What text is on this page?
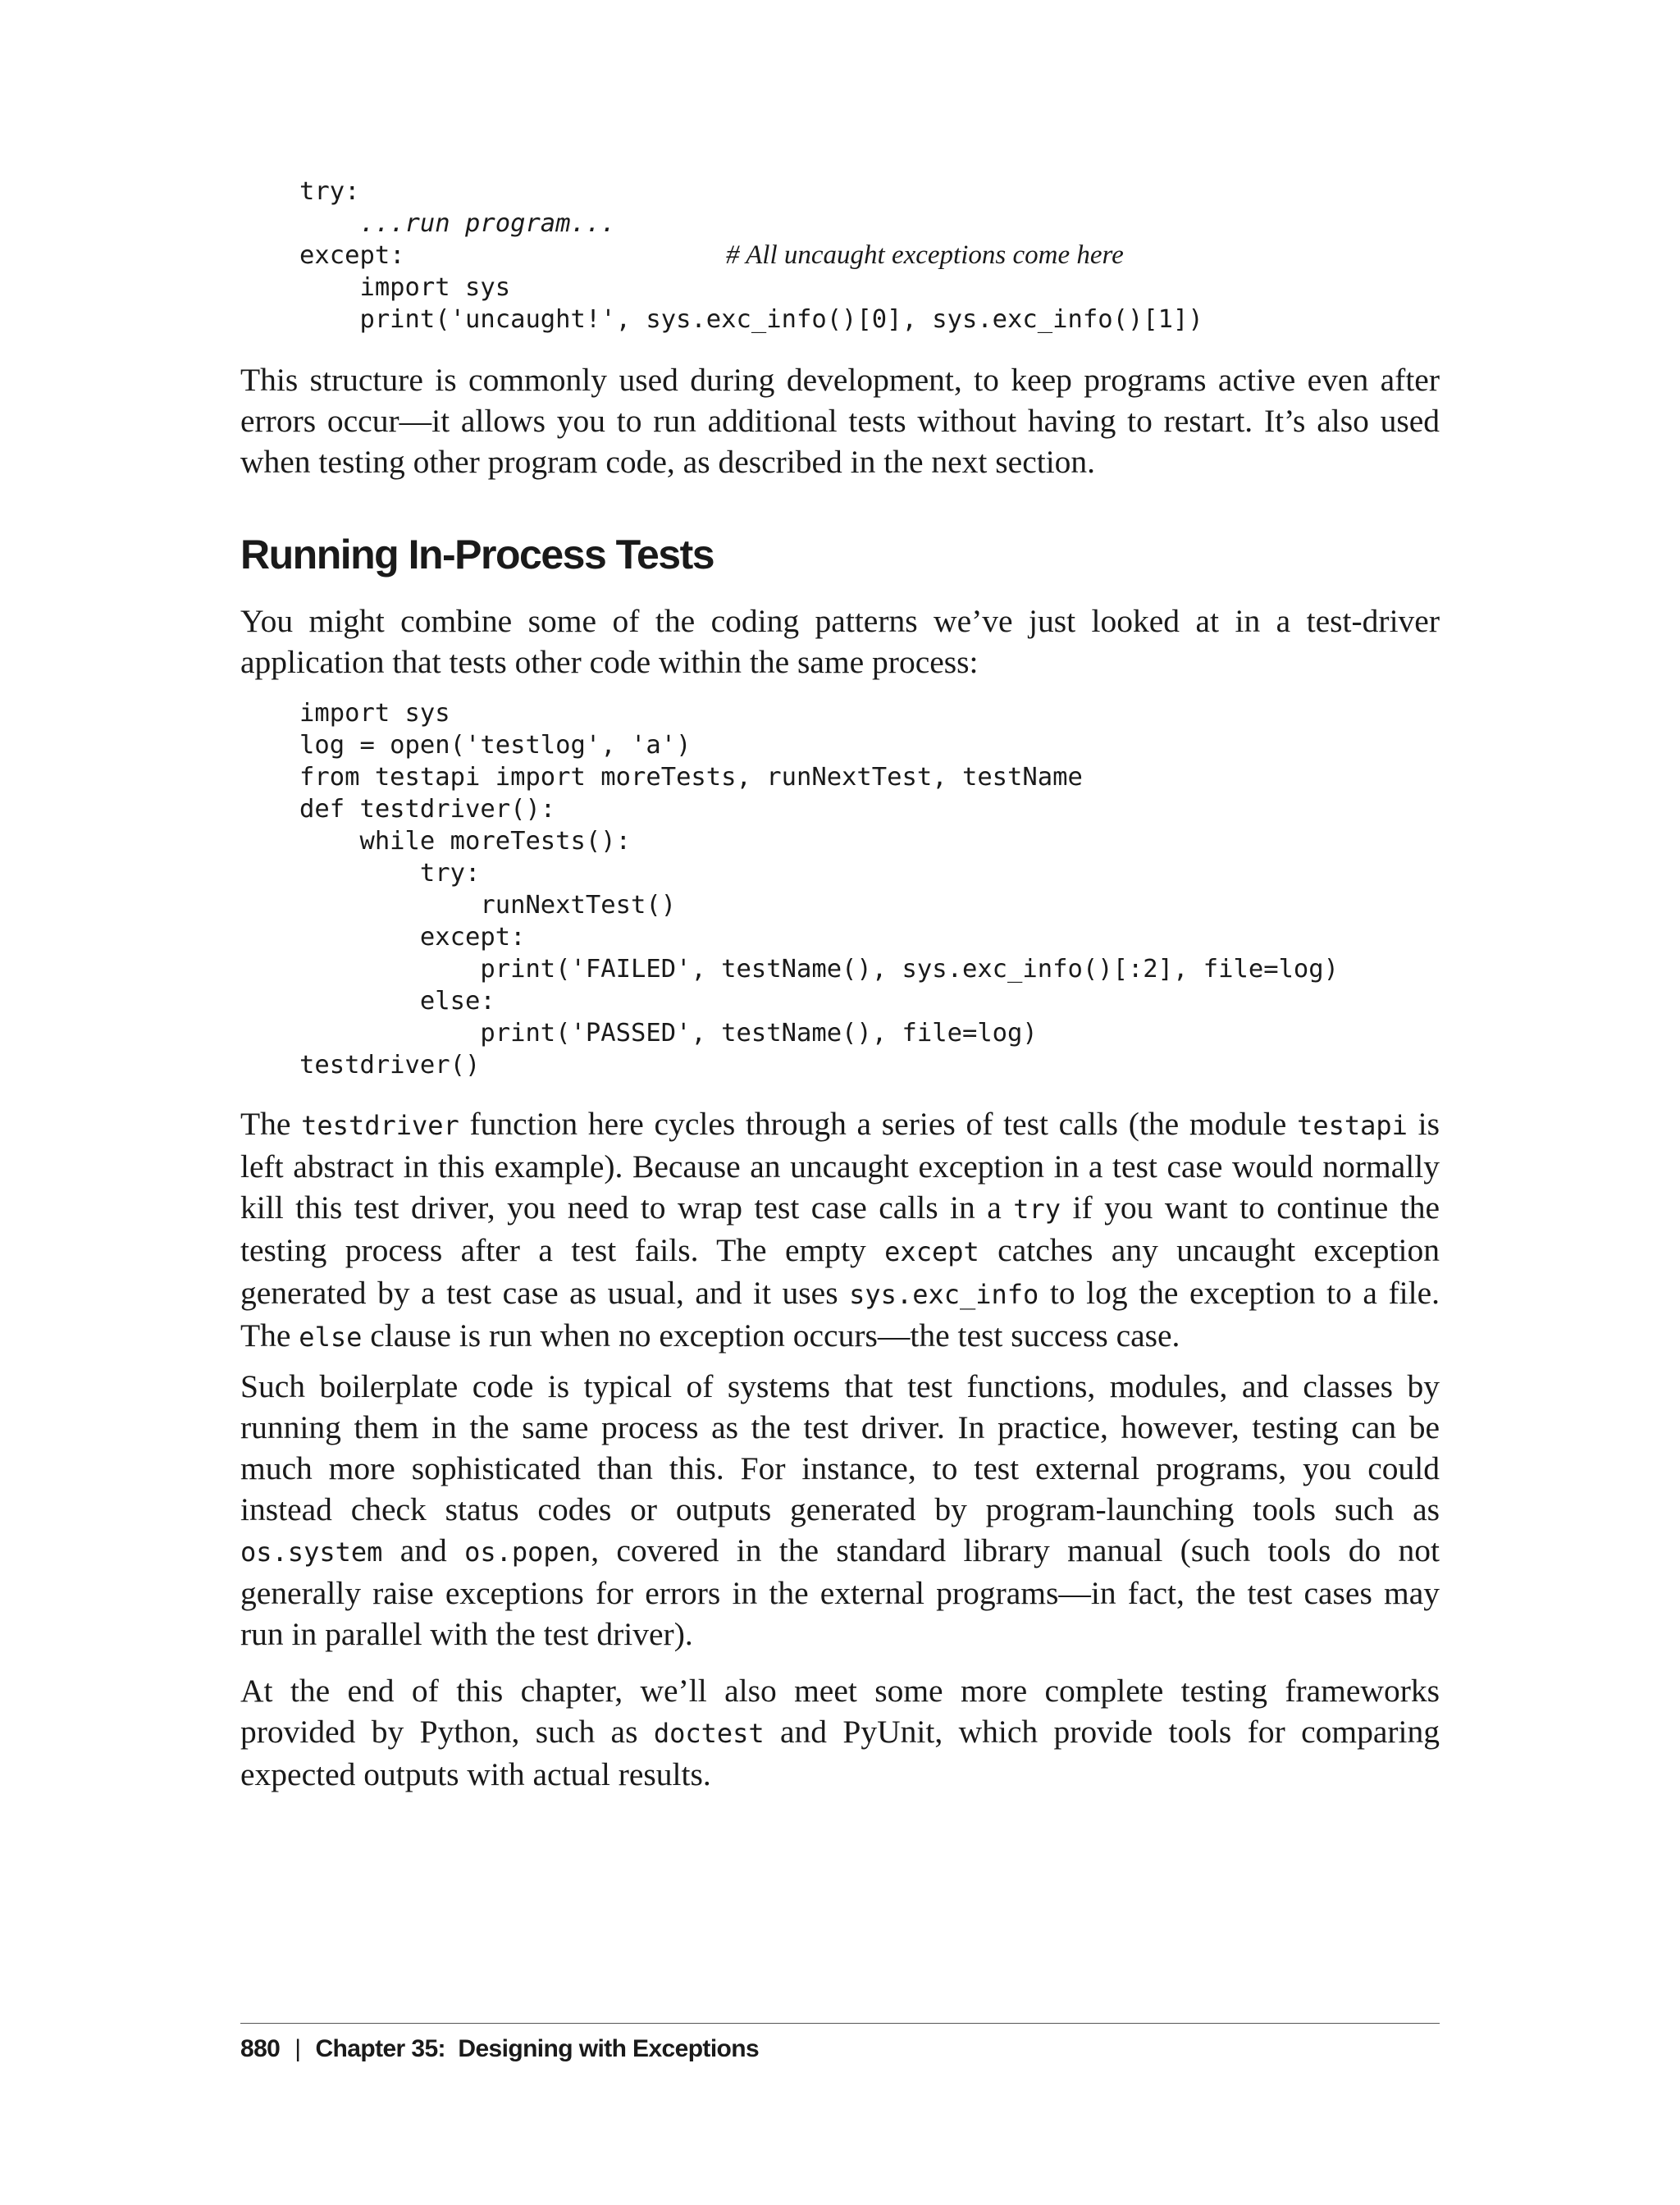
try:
...run program...
except:	# All uncaught exceptions come here
import sys
print('uncaught!', sys.exc_info()[0], sys.exc_info()[1])

This structure is commonly used during development, to keep programs active even after errors occur—it allows you to run additional tests without having to restart. It’s also used when testing other program code, as described in the next section.

Running In-Process Tests

You might combine some of the coding patterns we’ve just looked at in a test-driver application that tests other code within the same process:

import sys
log = open('testlog', 'a')
from testapi import moreTests, runNextTest, testName
def testdriver():
while moreTests():
try:
runNextTest()
except:
print('FAILED', testName(), sys.exc_info()[:2], file=log)
else:
print('PASSED', testName(), file=log)
testdriver()

The testdriver function here cycles through a series of test calls (the module testapi is left abstract in this example). Because an uncaught exception in a test case would normally kill this test driver, you need to wrap test case calls in a try if you want to continue the testing process after a test fails. The empty except catches any uncaught exception generated by a test case as usual, and it uses sys.exc_info to log the exception to a file. The else clause is run when no exception occurs—the test success case.

Such boilerplate code is typical of systems that test functions, modules, and classes by running them in the same process as the test driver. In practice, however, testing can be much more sophisticated than this. For instance, to test external programs, you could instead check status codes or outputs generated by program-launching tools such as os.system and os.popen, covered in the standard library manual (such tools do not generally raise exceptions for errors in the external programs—in fact, the test cases may run in parallel with the test driver).

At the end of this chapter, we’ll also meet some more complete testing frameworks provided by Python, such as doctest and PyUnit, which provide tools for comparing expected outputs with actual results.

880 | Chapter 35:  Designing with Exceptions
